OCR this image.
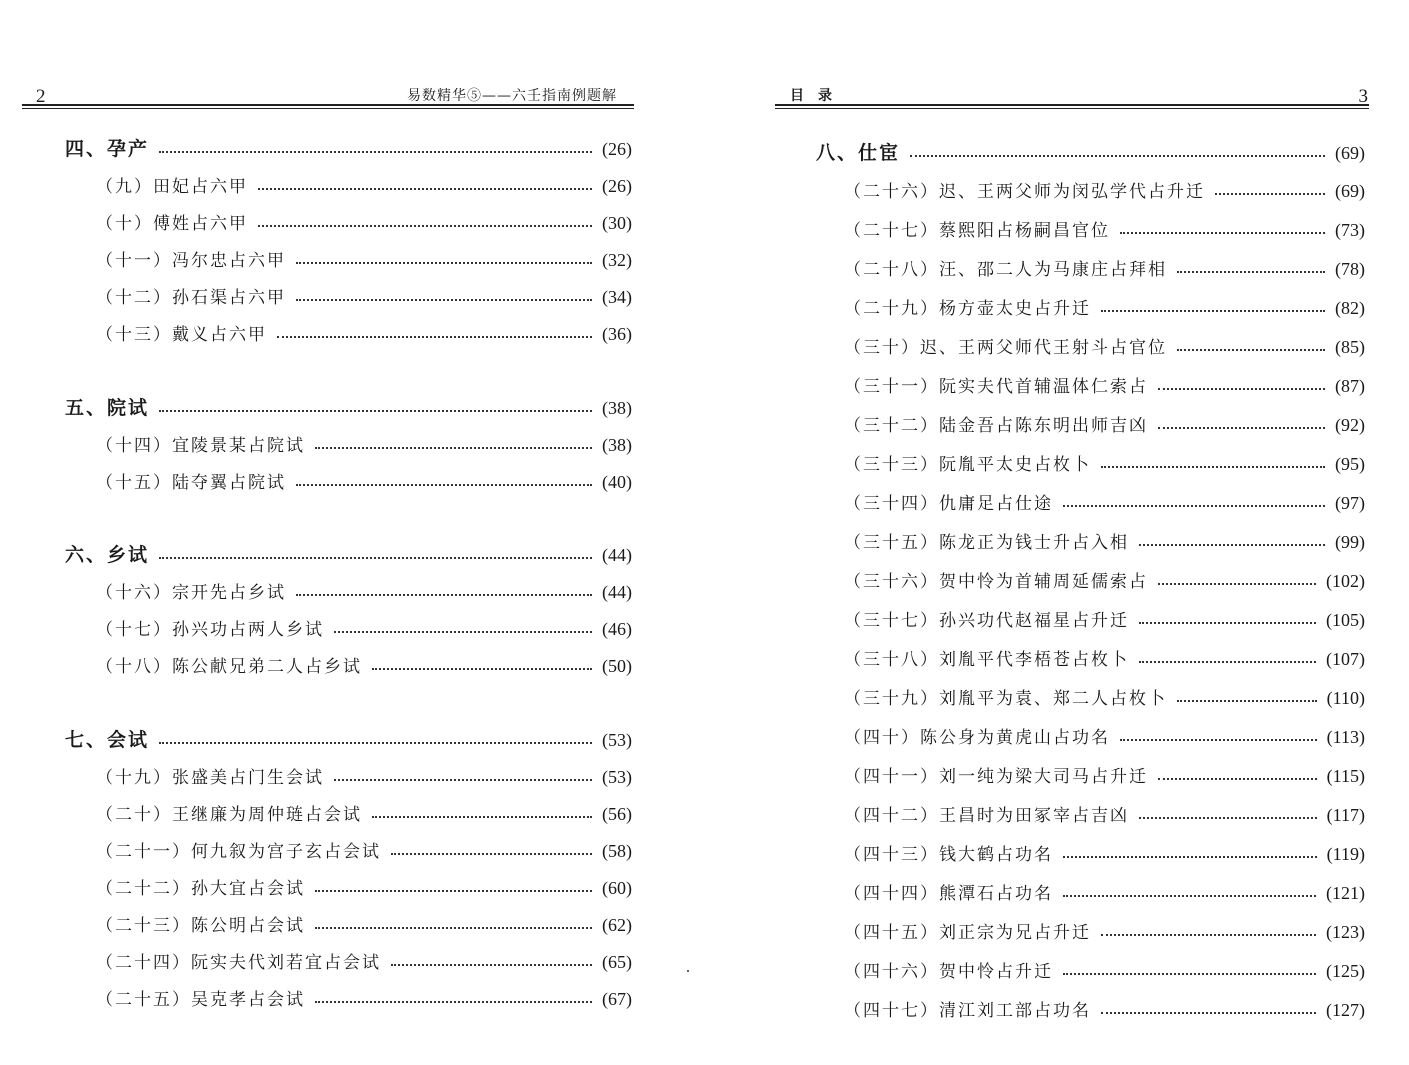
2	易数精华⑤——六壬指南例题解
四、孕产	(26)
（九）田妃占六甲	(26)
（十）傅姓占六甲	(30)
（十一）冯尔忠占六甲	(32)
（十二）孙石渠占六甲	(34)
（十三）戴义占六甲	(36)
五、院试	(38)
（十四）宜陵景某占院试	(38)
（十五）陆夺翼占院试	(40)
六、乡试	(44)
（十六）宗开先占乡试	(44)
（十七）孙兴功占两人乡试	(46)
（十八）陈公献兄弟二人占乡试	(50)
七、会试	(53)
（十九）张盛美占门生会试	(53)
（二十）王继廉为周仲琏占会试	(56)
（二十一）何九叙为宫子玄占会试	(58)
（二十二）孙大宜占会试	(60)
（二十三）陈公明占会试	(62)
（二十四）阮实夫代刘若宜占会试	(65)
（二十五）吴克孝占会试	(67)
目录	3
八、仕宦	(69)
（二十六）迟、王两父师为闵弘学代占升迁	(69)
（二十七）蔡熙阳占杨嗣昌官位	(73)
（二十八）汪、邵二人为马康庄占拜相	(78)
（二十九）杨方壶太史占升迁	(82)
（三十）迟、王两父师代王射斗占官位	(85)
（三十一）阮实夫代首辅温体仁索占	(87)
（三十二）陆金吾占陈东明出师吉凶	(92)
（三十三）阮胤平太史占枚卜	(95)
（三十四）仇庸足占仕途	(97)
（三十五）陈龙正为钱士升占入相	(99)
（三十六）贺中怜为首辅周延儒索占	(102)
（三十七）孙兴功代赵福星占升迁	(105)
（三十八）刘胤平代李梧苍占枚卜	(107)
（三十九）刘胤平为袁、郑二人占枚卜	(110)
（四十）陈公身为黄虎山占功名	(113)
（四十一）刘一纯为梁大司马占升迁	(115)
（四十二）王昌时为田冢宰占吉凶	(117)
（四十三）钱大鹤占功名	(119)
（四十四）熊潭石占功名	(121)
（四十五）刘正宗为兄占升迁	(123)
（四十六）贺中怜占升迁	(125)
（四十七）清江刘工部占功名	(127)
